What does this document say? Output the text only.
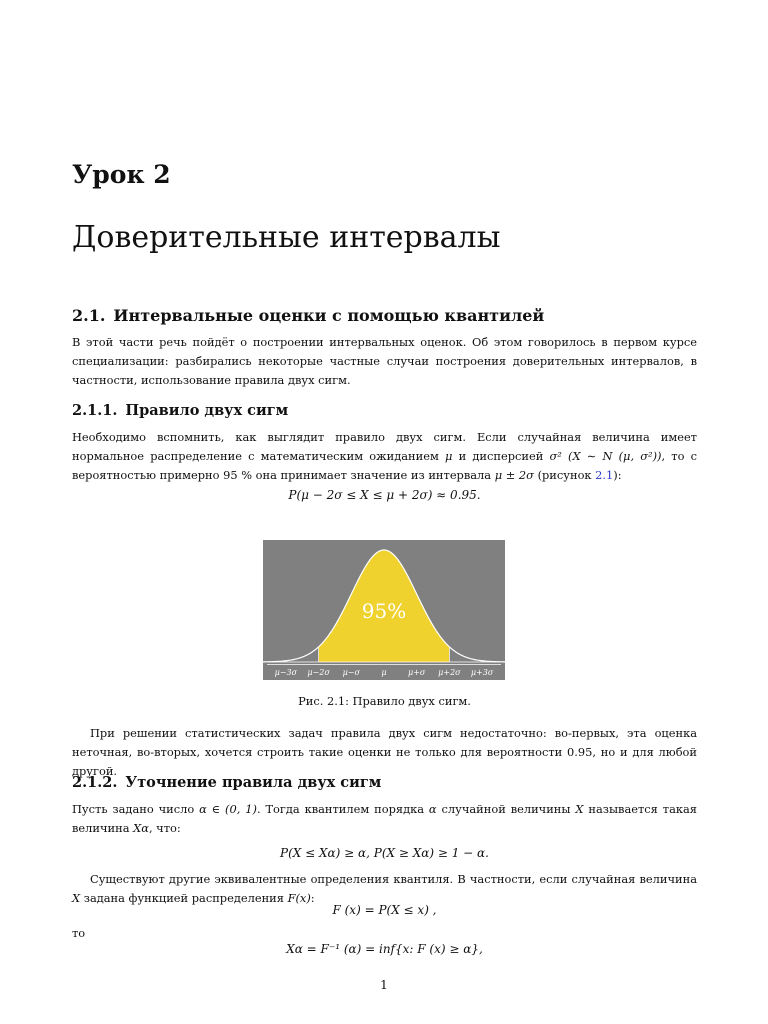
Урок 2
Доверительные интервалы
2.1. Интервальные оценки с помощью квантилей

В этой части речь пойдёт о построении интервальных оценок. Об этом говорилось в первом курсе специализации: разбирались некоторые частные случаи построения доверительных интервалов, в частности, использование правила двух сигм.

2.1.1. Правило двух сигм

Необходимо вспомнить, как выглядит правило двух сигм. Если случайная величина имеет нормальное распределение с математическим ожиданием μ и дисперсией σ² (X ∼ N (μ, σ²)), то с вероятностью примерно 95 % она принимает значение из интервала μ ± 2σ (рисунок 2.1):

P(μ − 2σ ≤ X ≤ μ + 2σ) ≈ 0.95.

μ−3σ μ−2σ μ−σ	μ	μ+σ μ+2σ μ+3σ
95%

Рис. 2.1: Правило двух сигм.

При решении статистических задач правила двух сигм недостаточно: во-первых, эта оценка неточная, во-вторых, хочется строить такие оценки не только для вероятности 0.95, но и для любой другой.

2.1.2. Уточнение правила двух сигм

Пусть задано число α ∈ (0, 1). Тогда квантилем порядка α случайной величины X называется такая величина Xα, что:

P(X ≤ Xα) ≥ α, P(X ≥ Xα) ≥ 1 − α.

Существуют другие эквивалентные определения квантиля. В частности, если случайная величина X задана функцией распределения F(x):

F (x) = P(X ≤ x) ,

то

Xα = F⁻¹ (α) = inf{x: F (x) ≥ α},

1
